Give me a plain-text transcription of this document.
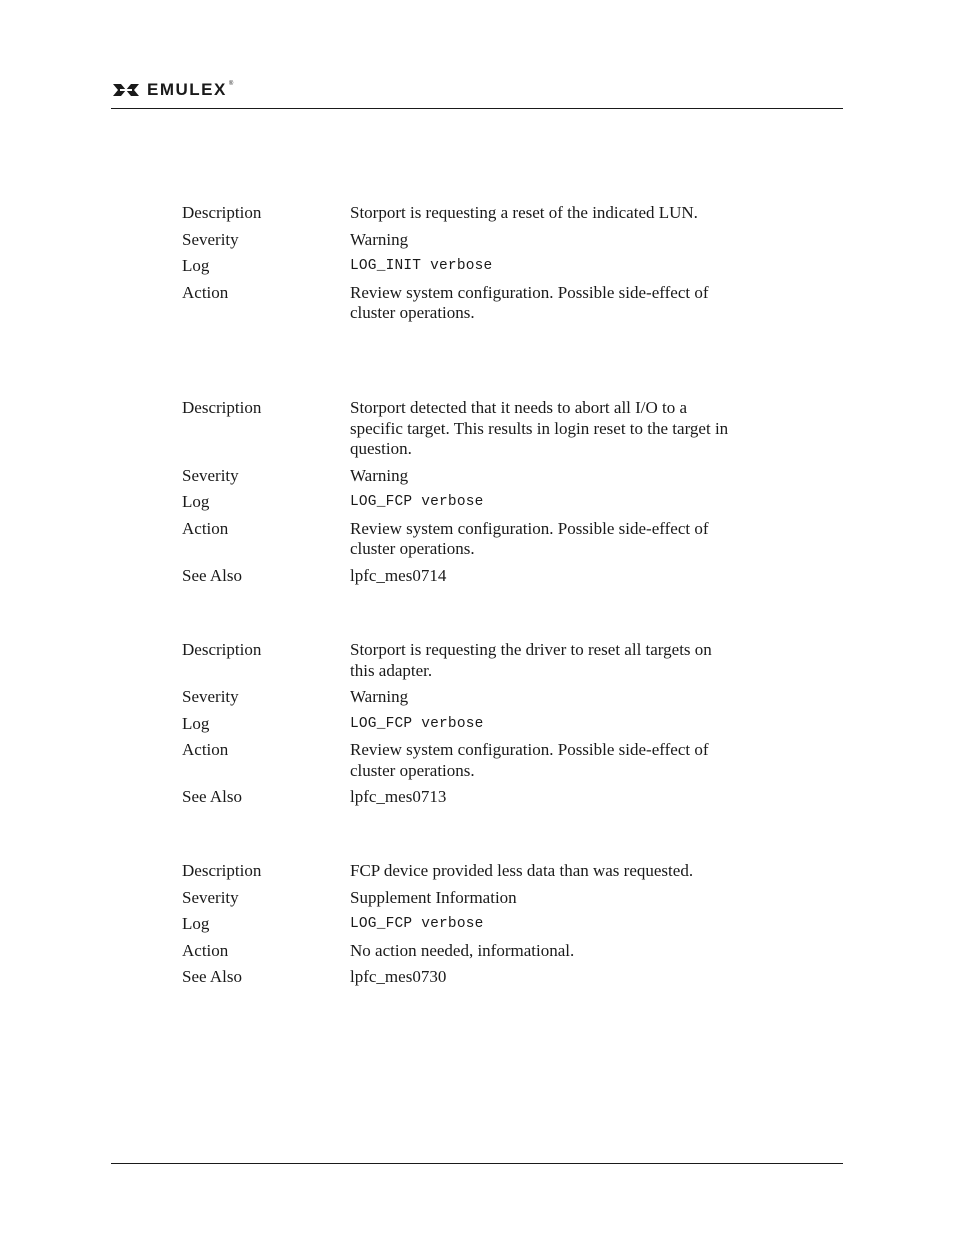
EMULEX ®
Description	Storport is requesting a reset of the indicated LUN.
Severity	Warning
Log	LOG_INIT verbose
Action	Review system configuration. Possible side-effect of cluster operations.
Description	Storport detected that it needs to abort all I/O to a specific target. This results in login reset to the target in question.
Severity	Warning
Log	LOG_FCP verbose
Action	Review system configuration. Possible side-effect of cluster operations.
See Also	lpfc_mes0714
Description	Storport is requesting the driver to reset all targets on this adapter.
Severity	Warning
Log	LOG_FCP verbose
Action	Review system configuration. Possible side-effect of cluster operations.
See Also	lpfc_mes0713
Description	FCP device provided less data than was requested.
Severity	Supplement Information
Log	LOG_FCP verbose
Action	No action needed, informational.
See Also	lpfc_mes0730
